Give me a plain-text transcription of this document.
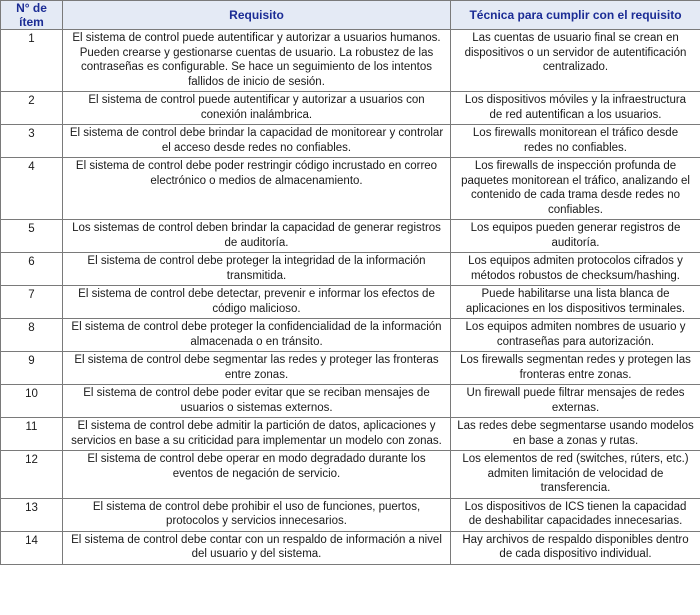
N° de ítem	Requisito	Técnica para cumplir con el requisito
1	El sistema de control puede autentificar y autorizar a usuarios humanos. Pueden crearse y gestionarse cuentas de usuario. La robustez de las contraseñas es configurable. Se hace un seguimiento de los intentos fallidos de inicio de sesión.	Las cuentas de usuario final se crean en dispositivos o un servidor de autentificación centralizado.
2	El sistema de control puede autentificar y autorizar a usuarios con conexión inalámbrica.	Los dispositivos móviles y la infraestructura de red autentifican a los usuarios.
3	El sistema de control debe brindar la capacidad de monitorear y controlar el acceso desde redes no confiables.	Los firewalls monitorean el tráfico desde redes no confiables.
4	El sistema de control debe poder restringir código incrustado en correo electrónico o medios de almacenamiento.	Los firewalls de inspección profunda de paquetes monitorean el tráfico, analizando el contenido de cada trama desde redes no confiables.
5	Los sistemas de control deben brindar la capacidad de generar registros de auditoría.	Los equipos pueden generar registros de auditoría.
6	El sistema de control debe proteger la integridad de la información transmitida.	Los equipos admiten protocolos cifrados y métodos robustos de checksum/hashing.
7	El sistema de control debe detectar, prevenir e informar los efectos de código malicioso.	Puede habilitarse una lista blanca de aplicaciones en los dispositivos terminales.
8	El sistema de control debe proteger la confidencialidad de la información almacenada o en tránsito.	Los equipos admiten nombres de usuario y contraseñas para autorización.
9	El sistema de control debe segmentar las redes y proteger las fronteras entre zonas.	Los firewalls segmentan redes y protegen las fronteras entre zonas.
10	El sistema de control debe poder evitar que se reciban mensajes de usuarios o sistemas externos.	Un firewall puede filtrar mensajes de redes externas.
11	El sistema de control debe admitir la partición de datos, aplicaciones y servicios en base a su criticidad para implementar un modelo con zonas.	Las redes debe segmentarse usando modelos en base a zonas y rutas.
12	El sistema de control debe operar en modo degradado durante los eventos de negación de servicio.	Los elementos de red (switches, rúters, etc.) admiten limitación de velocidad de transferencia.
13	El sistema de control debe prohibir el uso de funciones, puertos, protocolos y servicios innecesarios.	Los dispositivos de ICS tienen la capacidad de deshabilitar capacidades innecesarias.
14	El sistema de control debe contar con un respaldo de información a nivel del usuario y del sistema.	Hay archivos de respaldo disponibles dentro de cada dispositivo individual.
